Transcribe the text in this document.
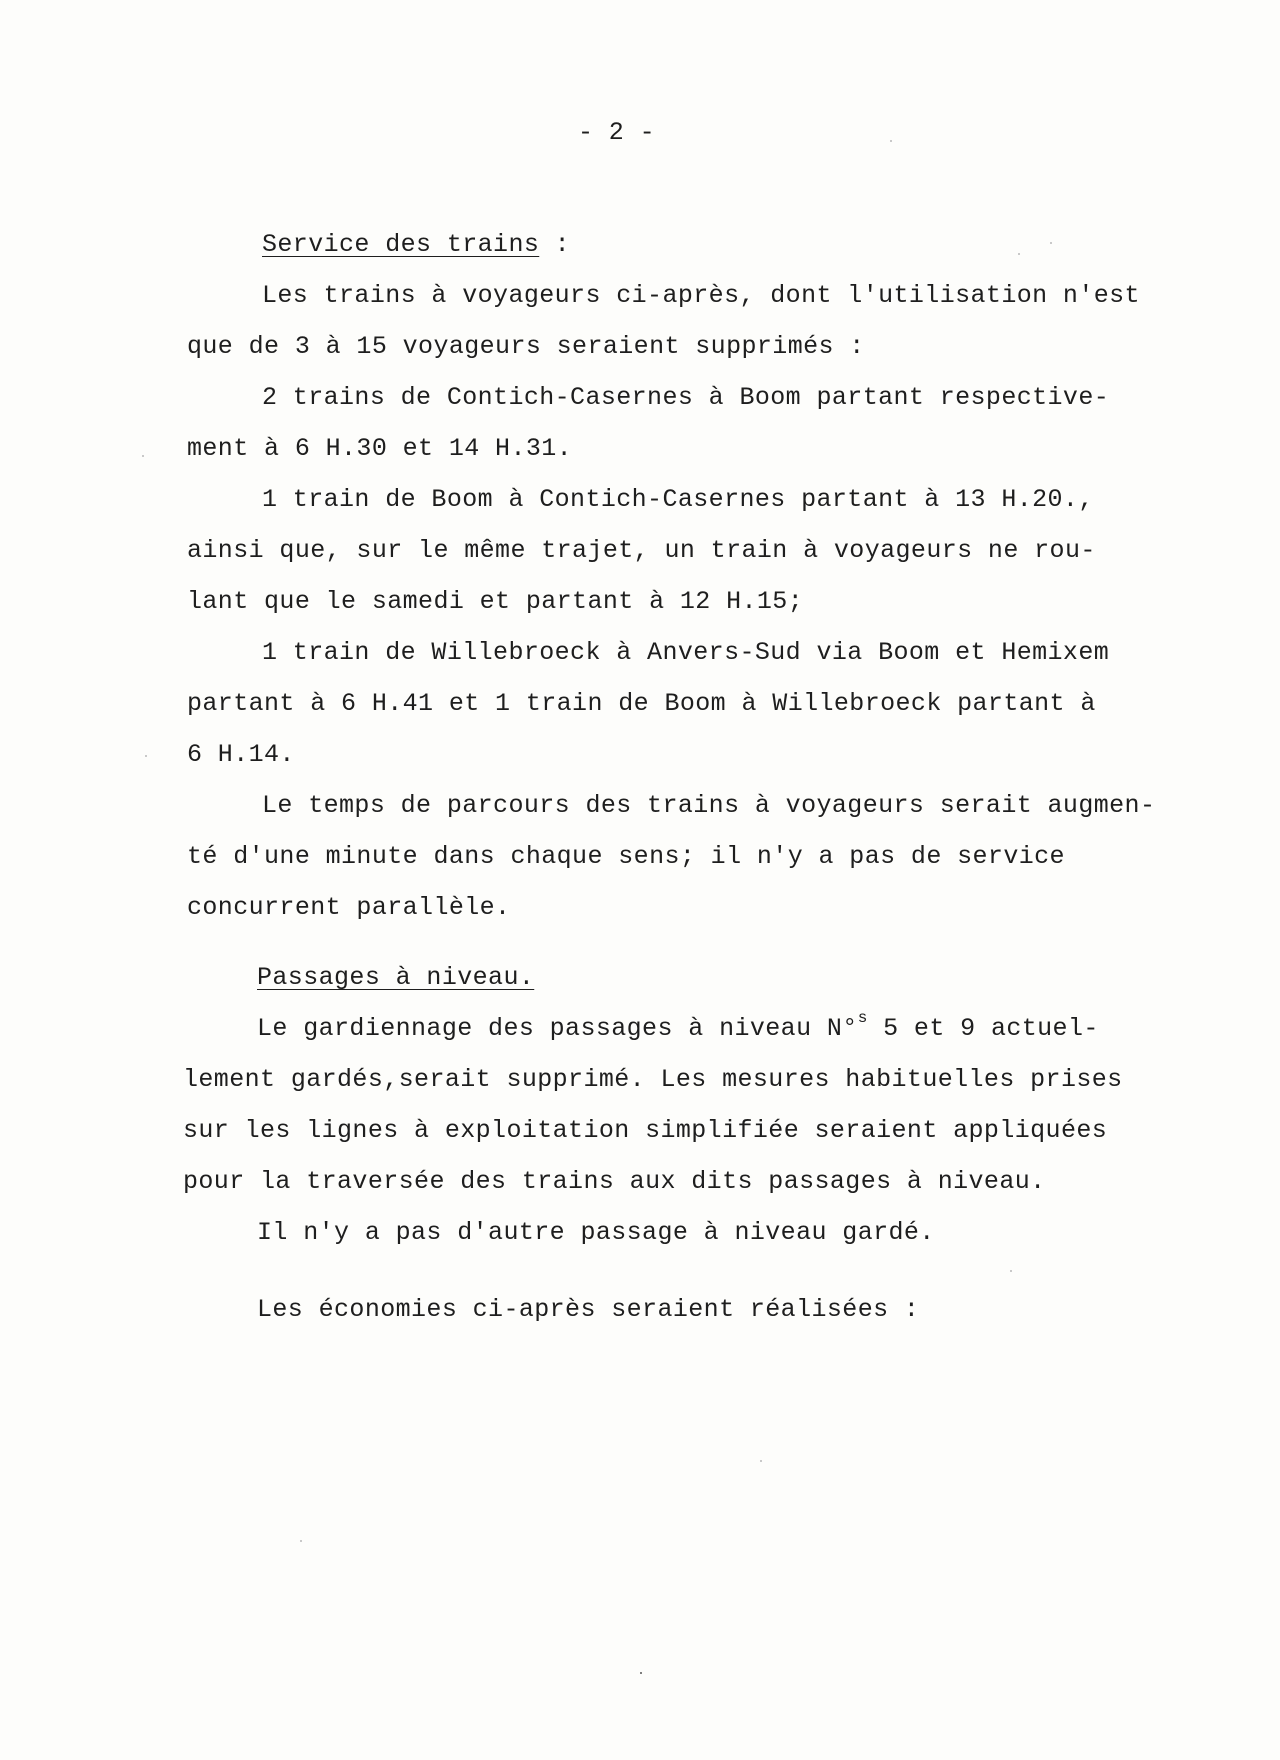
- 2 -
Service des trains :
Les trains à voyageurs ci-après, dont l'utilisation n'est
que de 3 à 15 voyageurs seraient supprimés :
2 trains de Contich-Casernes à Boom partant respective-
ment à 6 H.30 et 14 H.31.
1 train de Boom à Contich-Casernes partant à 13 H.20.,
ainsi que, sur le même trajet, un train à voyageurs ne rou-
lant que le samedi et partant à 12 H.15;
1 train de Willebroeck à Anvers-Sud via Boom et Hemixem
partant à 6 H.41 et 1 train de Boom à Willebroeck partant à
6 H.14.
Le temps de parcours des trains à voyageurs serait augmen-
té d'une minute dans chaque sens; il n'y a pas de service
concurrent parallèle.
Passages à niveau.
Le gardiennage des passages à niveau N°$^s$ 5 et 9 actuel-
lement gardés,serait supprimé. Les mesures habituelles prises
sur les lignes à exploitation simplifiée seraient appliquées
pour la traversée des trains aux dits passages à niveau.
Il n'y a pas d'autre passage à niveau gardé.
Les économies ci-après seraient réalisées :
